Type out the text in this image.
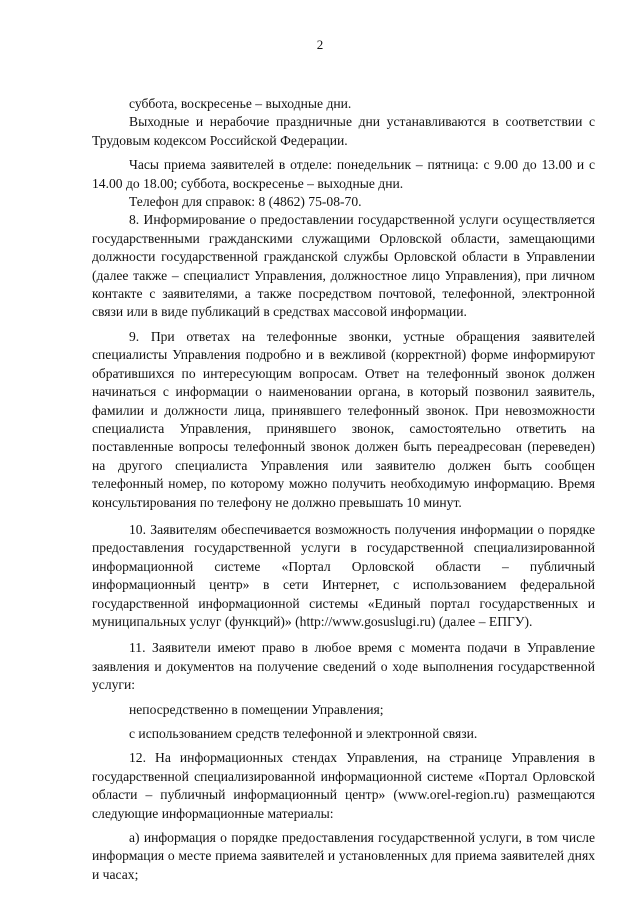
2

суббота, воскресенье – выходные дни.

Выходные и нерабочие праздничные дни устанавливаются в соответствии с Трудовым кодексом Российской Федерации.

Часы приема заявителей в отделе: понедельник – пятница: с 9.00 до 13.00 и с 14.00 до 18.00; суббота, воскресенье – выходные дни.

Телефон для справок: 8 (4862) 75-08-70.

8. Информирование о предоставлении государственной услуги осуществляется государственными гражданскими служащими Орловской области, замещающими должности государственной гражданской службы Орловской области в Управлении (далее также – специалист Управления, должностное лицо Управления), при личном контакте с заявителями, а также посредством почтовой, телефонной, электронной связи или в виде публикаций в средствах массовой информации.

9. При ответах на телефонные звонки, устные обращения заявителей специалисты Управления подробно и в вежливой (корректной) форме информируют обратившихся по интересующим вопросам. Ответ на телефонный звонок должен начинаться с информации о наименовании органа, в который позвонил заявитель, фамилии и должности лица, принявшего телефонный звонок. При невозможности специалиста Управления, принявшего звонок, самостоятельно ответить на поставленные вопросы телефонный звонок должен быть переадресован (переведен) на другого специалиста Управления или заявителю должен быть сообщен телефонный номер, по которому можно получить необходимую информацию. Время консультирования по телефону не должно превышать 10 минут.

10. Заявителям обеспечивается возможность получения информации о порядке предоставления государственной услуги в государственной специализированной информационной системе «Портал Орловской области – публичный информационный центр» в сети Интернет, с использованием федеральной государственной информационной системы «Единый портал государственных и муниципальных услуг (функций)» (http://www.gosuslugi.ru) (далее – ЕПГУ).

11. Заявители имеют право в любое время с момента подачи в Управление заявления и документов на получение сведений о ходе выполнения государственной услуги:

непосредственно в помещении Управления;

с использованием средств телефонной и электронной связи.

12. На информационных стендах Управления, на странице Управления в государственной специализированной информационной системе «Портал Орловской области – публичный информационный центр» (www.orel-region.ru) размещаются следующие информационные материалы:

а) информация о порядке предоставления государственной услуги, в том числе информация о месте приема заявителей и установленных для приема заявителей днях и часах;
